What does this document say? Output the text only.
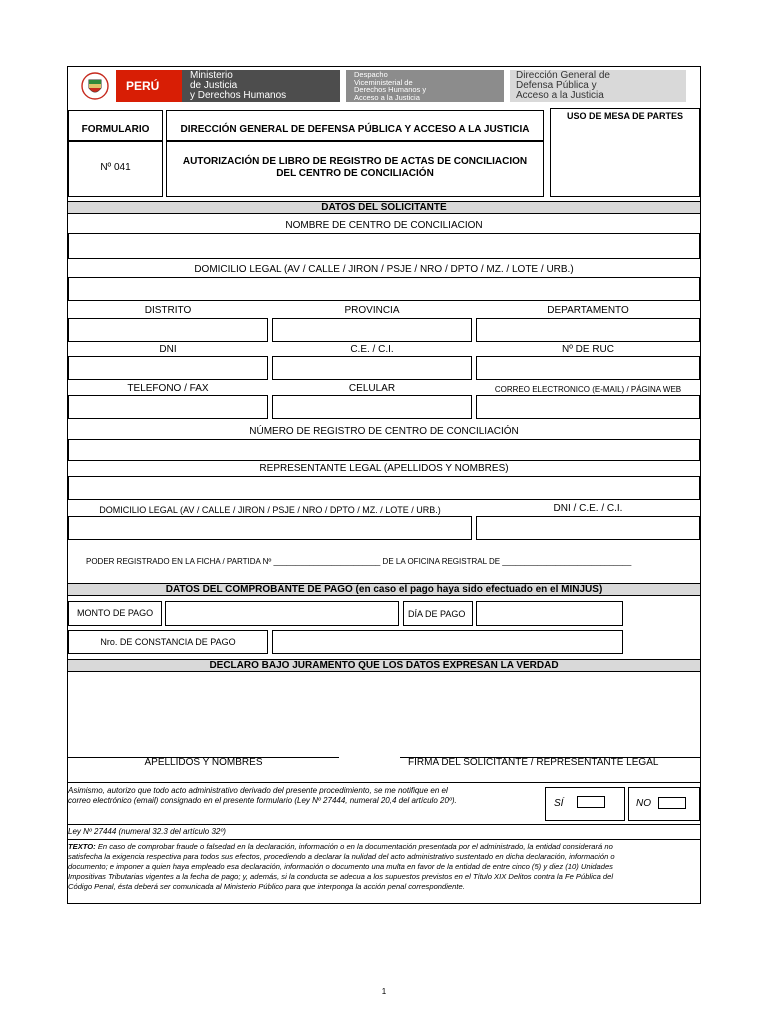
PERÚ
Ministerio
de Justicia
y Derechos Humanos
Despacho
Viceministerial de
Derechos Humanos y
Acceso a la Justicia
Dirección General de
Defensa Pública y
Acceso a la Justicia
FORMULARIO	DIRECCIÓN GENERAL DE DEFENSA PÚBLICA Y ACCESO A LA JUSTICIA
Nº 041
AUTORIZACIÓN DE LIBRO DE REGISTRO DE ACTAS DE CONCILIACION
DEL CENTRO DE CONCILIACIÓN
USO DE MESA DE PARTES
DATOS DEL SOLICITANTE
NOMBRE DE CENTRO DE CONCILIACION
DOMICILIO LEGAL (AV / CALLE / JIRON / PSJE / NRO / DPTO / MZ. / LOTE / URB.)
DISTRITO	PROVINCIA	DEPARTAMENTO
DNI	C.E. / C.I.	Nº DE RUC
TELEFONO / FAX	CELULAR	CORREO ELECTRONICO (E-MAIL) / PÁGINA WEB
NÚMERO DE REGISTRO DE CENTRO DE CONCILIACIÓN
REPRESENTANTE LEGAL (APELLIDOS Y NOMBRES)
DOMICILIO LEGAL (AV / CALLE / JIRON / PSJE / NRO / DPTO / MZ. / LOTE / URB.)	DNI / C.E. / C.I.
PODER REGISTRADO EN LA FICHA / PARTIDA Nº ________________________ DE LA OFICINA REGISTRAL DE _____________________________
DATOS DEL COMPROBANTE DE PAGO (en caso el pago haya sido efectuado en el MINJUS)
MONTO DE PAGO	DÍA DE PAGO
Nro. DE CONSTANCIA DE PAGO
DECLARO BAJO JURAMENTO QUE LOS DATOS EXPRESAN LA VERDAD
APELLIDOS Y NOMBRES	FIRMA DEL SOLICITANTE / REPRESENTANTE LEGAL
Asimismo, autorizo que todo acto administrativo derivado del presente procedimiento, se me notifique en el
correo electrónico (email) consignado en el presente formulario (Ley Nº 27444, numeral 20,4 del artículo 20º).	SÍ	NO
Ley Nº 27444 (numeral 32.3 del artículo 32º)
TEXTO: En caso de comprobar fraude o falsedad en la declaración, información o en la documentación presentada por el administrado, la entidad considerará no
satisfecha la exigencia respectiva para todos sus efectos, procediendo a declarar la nulidad del acto administrativo sustentado en dicha declaración, información o
documento; e imponer a quien haya empleado esa declaración, información o documento una multa en favor de la entidad de entre cinco (5) y diez (10) Unidades
Impositivas Tributarias vigentes a la fecha de pago; y, además, si la conducta se adecua a los supuestos previstos en el Título XIX Delitos contra la Fe Pública del
Código Penal, ésta deberá ser comunicada al Ministerio Público para que interponga la acción penal correspondiente.
1
